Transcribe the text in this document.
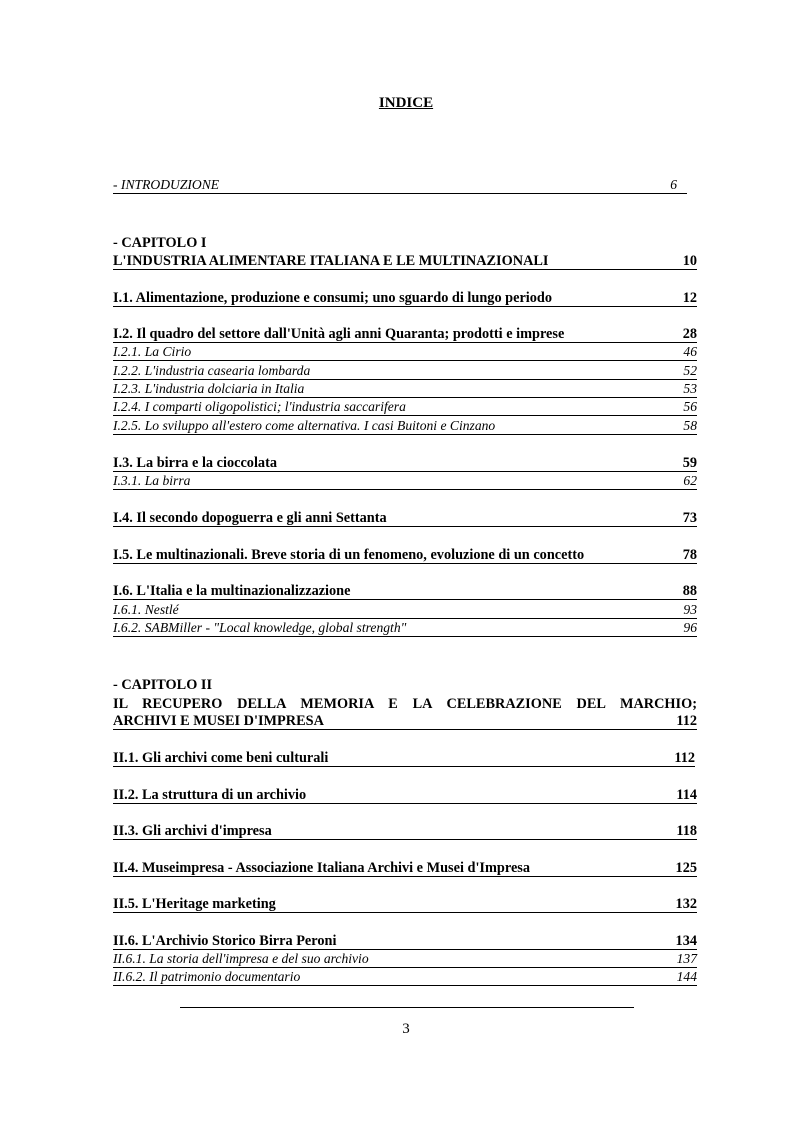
INDICE
- INTRODUZIONE	6
- CAPITOLO I
L'INDUSTRIA ALIMENTARE ITALIANA E LE MULTINAZIONALI	10
I.1. Alimentazione, produzione e consumi; uno sguardo di lungo periodo	12
I.2. Il quadro del settore dall'Unità agli anni Quaranta; prodotti e imprese	28
I.2.1. La Cirio	46
I.2.2. L'industria casearia lombarda	52
I.2.3. L'industria dolciaria in Italia	53
I.2.4. I comparti oligopolistici; l'industria saccarifera	56
I.2.5. Lo sviluppo all'estero come alternativa. I casi Buitoni e Cinzano	58
I.3. La birra e la cioccolata	59
I.3.1. La birra	62
I.4. Il secondo dopoguerra e gli anni Settanta	73
I.5. Le multinazionali. Breve storia di un fenomeno, evoluzione di un concetto	78
I.6. L'Italia e la multinazionalizzazione	88
I.6.1. Nestlé	93
I.6.2. SABMiller - "Local knowledge, global strength"	96
- CAPITOLO II
IL RECUPERO DELLA MEMORIA E LA CELEBRAZIONE DEL MARCHIO;
ARCHIVI E MUSEI D'IMPRESA	112
II.1. Gli archivi come beni culturali	112
II.2. La struttura di un archivio	114
II.3. Gli archivi d'impresa	118
II.4. Museimpresa - Associazione Italiana Archivi e Musei d'Impresa	125
II.5. L'Heritage marketing	132
II.6. L'Archivio Storico Birra Peroni	134
II.6.1. La storia dell'impresa e del suo archivio	137
II.6.2. Il patrimonio documentario	144
3
